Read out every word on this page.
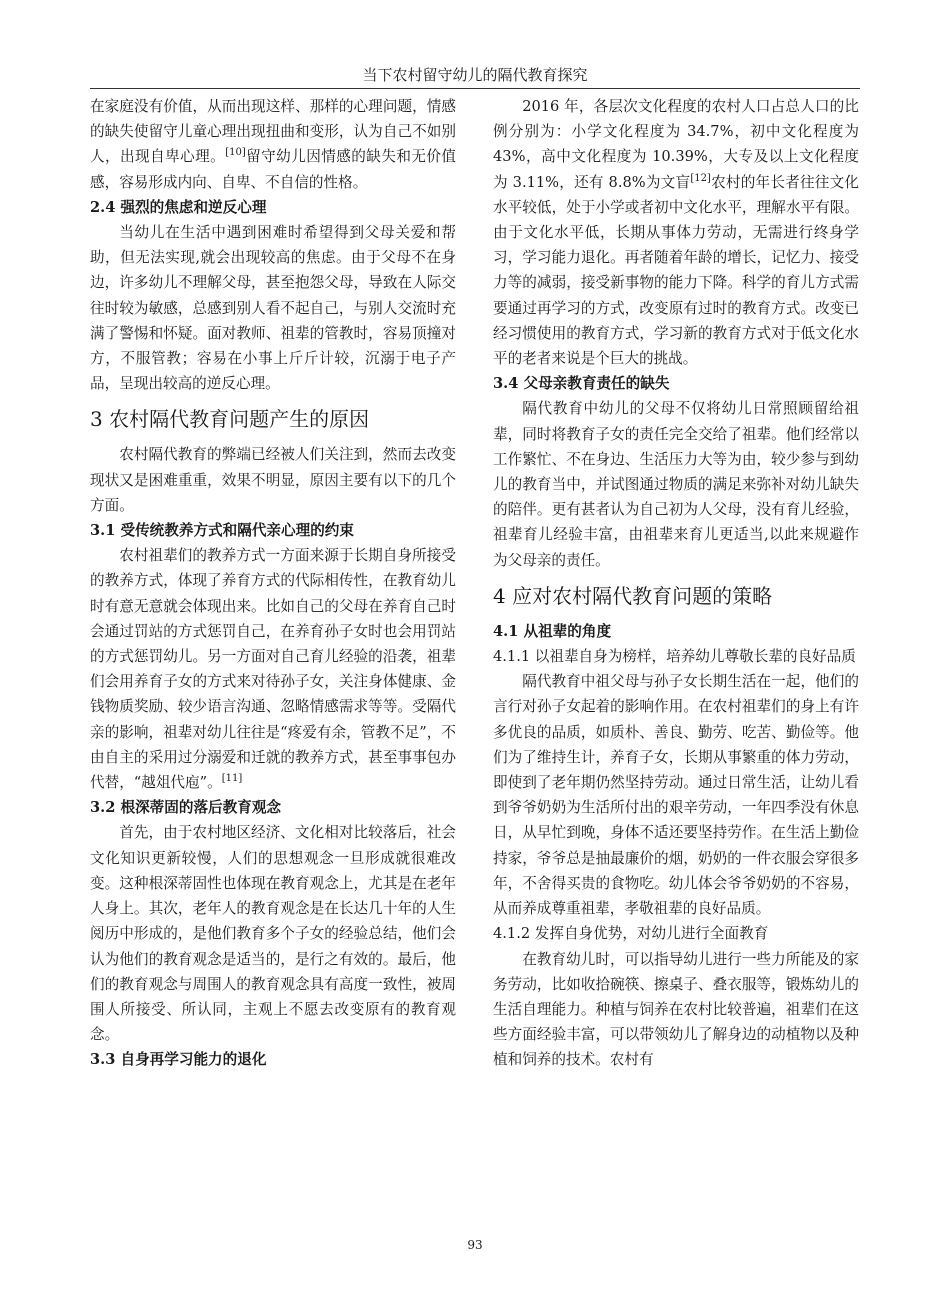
当下农村留守幼儿的隔代教育探究

在家庭没有价值，从而出现这样、那样的心理问题，情感的缺失使留守儿童心理出现扭曲和变形，认为自己不如别人，出现自卑心理。[10]留守幼儿因情感的缺失和无价值感，容易形成内向、自卑、不自信的性格。

2.4 强烈的焦虑和逆反心理

当幼儿在生活中遇到困难时希望得到父母关爱和帮助，但无法实现,就会出现较高的焦虑。由于父母不在身边，许多幼儿不理解父母，甚至抱怨父母，导致在人际交往时较为敏感，总感到别人看不起自己，与别人交流时充满了警惕和怀疑。面对教师、祖辈的管教时，容易顶撞对方，不服管教；容易在小事上斤斤计较，沉溺于电子产品，呈现出较高的逆反心理。

3 农村隔代教育问题产生的原因

农村隔代教育的弊端已经被人们关注到，然而去改变现状又是困难重重，效果不明显，原因主要有以下的几个方面。

3.1 受传统教养方式和隔代亲心理的约束

农村祖辈们的教养方式一方面来源于长期自身所接受的教养方式，体现了养育方式的代际相传性，在教育幼儿时有意无意就会体现出来。比如自己的父母在养育自己时会通过罚站的方式惩罚自己，在养育孙子女时也会用罚站的方式惩罚幼儿。另一方面对自己育儿经验的沿袭，祖辈们会用养育子女的方式来对待孙子女，关注身体健康、金钱物质奖励、较少语言沟通、忽略情感需求等等。受隔代亲的影响，祖辈对幼儿往往是“疼爱有余，管教不足”，不由自主的采用过分溺爱和迁就的教养方式，甚至事事包办代替，“越俎代庖”。[11]

3.2 根深蒂固的落后教育观念

首先，由于农村地区经济、文化相对比较落后，社会文化知识更新较慢，人们的思想观念一旦形成就很难改变。这种根深蒂固性也体现在教育观念上，尤其是在老年人身上。其次，老年人的教育观念是在长达几十年的人生阅历中形成的，是他们教育多个子女的经验总结，他们会认为他们的教育观念是适当的，是行之有效的。最后，他们的教育观念与周围人的教育观念具有高度一致性，被周围人所接受、所认同，主观上不愿去改变原有的教育观念。

3.3 自身再学习能力的退化

2016 年，各层次文化程度的农村人口占总人口的比例分别为：小学文化程度为 34.7%，初中文化程度为 43%，高中文化程度为 10.39%，大专及以上文化程度为 3.11%，还有 8.8%为文盲[12]农村的年长者往往文化水平较低，处于小学或者初中文化水平，理解水平有限。由于文化水平低，长期从事体力劳动，无需进行终身学习，学习能力退化。再者随着年龄的增长，记忆力、接受力等的减弱，接受新事物的能力下降。科学的育儿方式需要通过再学习的方式，改变原有过时的教育方式。改变已经习惯使用的教育方式，学习新的教育方式对于低文化水平的老者来说是个巨大的挑战。

3.4 父母亲教育责任的缺失

隔代教育中幼儿的父母不仅将幼儿日常照顾留给祖辈，同时将教育子女的责任完全交给了祖辈。他们经常以工作繁忙、不在身边、生活压力大等为由，较少参与到幼儿的教育当中，并试图通过物质的满足来弥补对幼儿缺失的陪伴。更有甚者认为自己初为人父母，没有育儿经验，祖辈育儿经验丰富，由祖辈来育儿更适当,以此来规避作为父母亲的责任。

4 应对农村隔代教育问题的策略
4.1 从祖辈的角度
4.1.1 以祖辈自身为榜样，培养幼儿尊敬长辈的良好品质

隔代教育中祖父母与孙子女长期生活在一起，他们的言行对孙子女起着的影响作用。在农村祖辈们的身上有许多优良的品质，如质朴、善良、勤劳、吃苦、勤俭等。他们为了维持生计，养育子女，长期从事繁重的体力劳动，即使到了老年期仍然坚持劳动。通过日常生活，让幼儿看到爷爷奶奶为生活所付出的艰辛劳动，一年四季没有休息日，从早忙到晚，身体不适还要坚持劳作。在生活上勤俭持家，爷爷总是抽最廉价的烟，奶奶的一件衣服会穿很多年，不舍得买贵的食物吃。幼儿体会爷爷奶奶的不容易，从而养成尊重祖辈，孝敬祖辈的良好品质。

4.1.2 发挥自身优势，对幼儿进行全面教育

在教育幼儿时，可以指导幼儿进行一些力所能及的家务劳动，比如收拾碗筷、擦桌子、叠衣服等，锻炼幼儿的生活自理能力。种植与饲养在农村比较普遍，祖辈们在这些方面经验丰富，可以带领幼儿了解身边的动植物以及种植和饲养的技术。农村有

93
